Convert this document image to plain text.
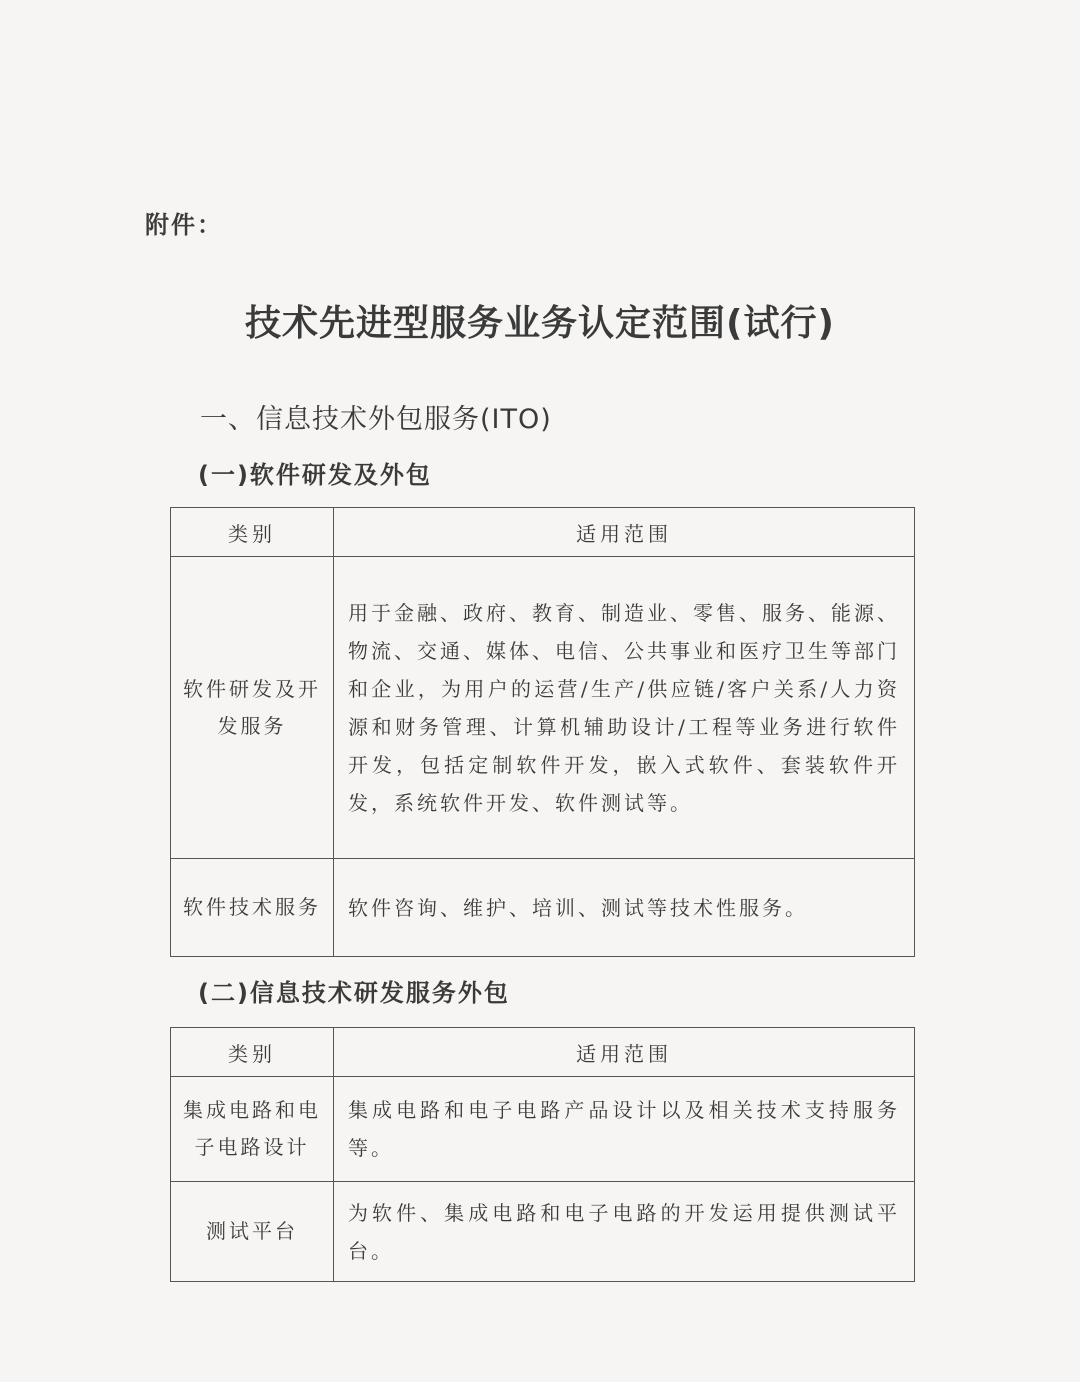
附件：
技术先进型服务业务认定范围(试行)
一、信息技术外包服务(ITO)
(一)软件研发及外包
类别	适用范围
软件研发及开发服务	用于金融、政府、教育、制造业、零售、服务、能源、物流、交通、媒体、电信、公共事业和医疗卫生等部门和企业，为用户的运营/生产/供应链/客户关系/人力资源和财务管理、计算机辅助设计/工程等业务进行软件开发，包括定制软件开发，嵌入式软件、套装软件开发，系统软件开发、软件测试等。
软件技术服务	软件咨询、维护、培训、测试等技术性服务。
(二)信息技术研发服务外包
类别	适用范围
集成电路和电子电路设计	集成电路和电子电路产品设计以及相关技术支持服务等。
测试平台	为软件、集成电路和电子电路的开发运用提供测试平台。
